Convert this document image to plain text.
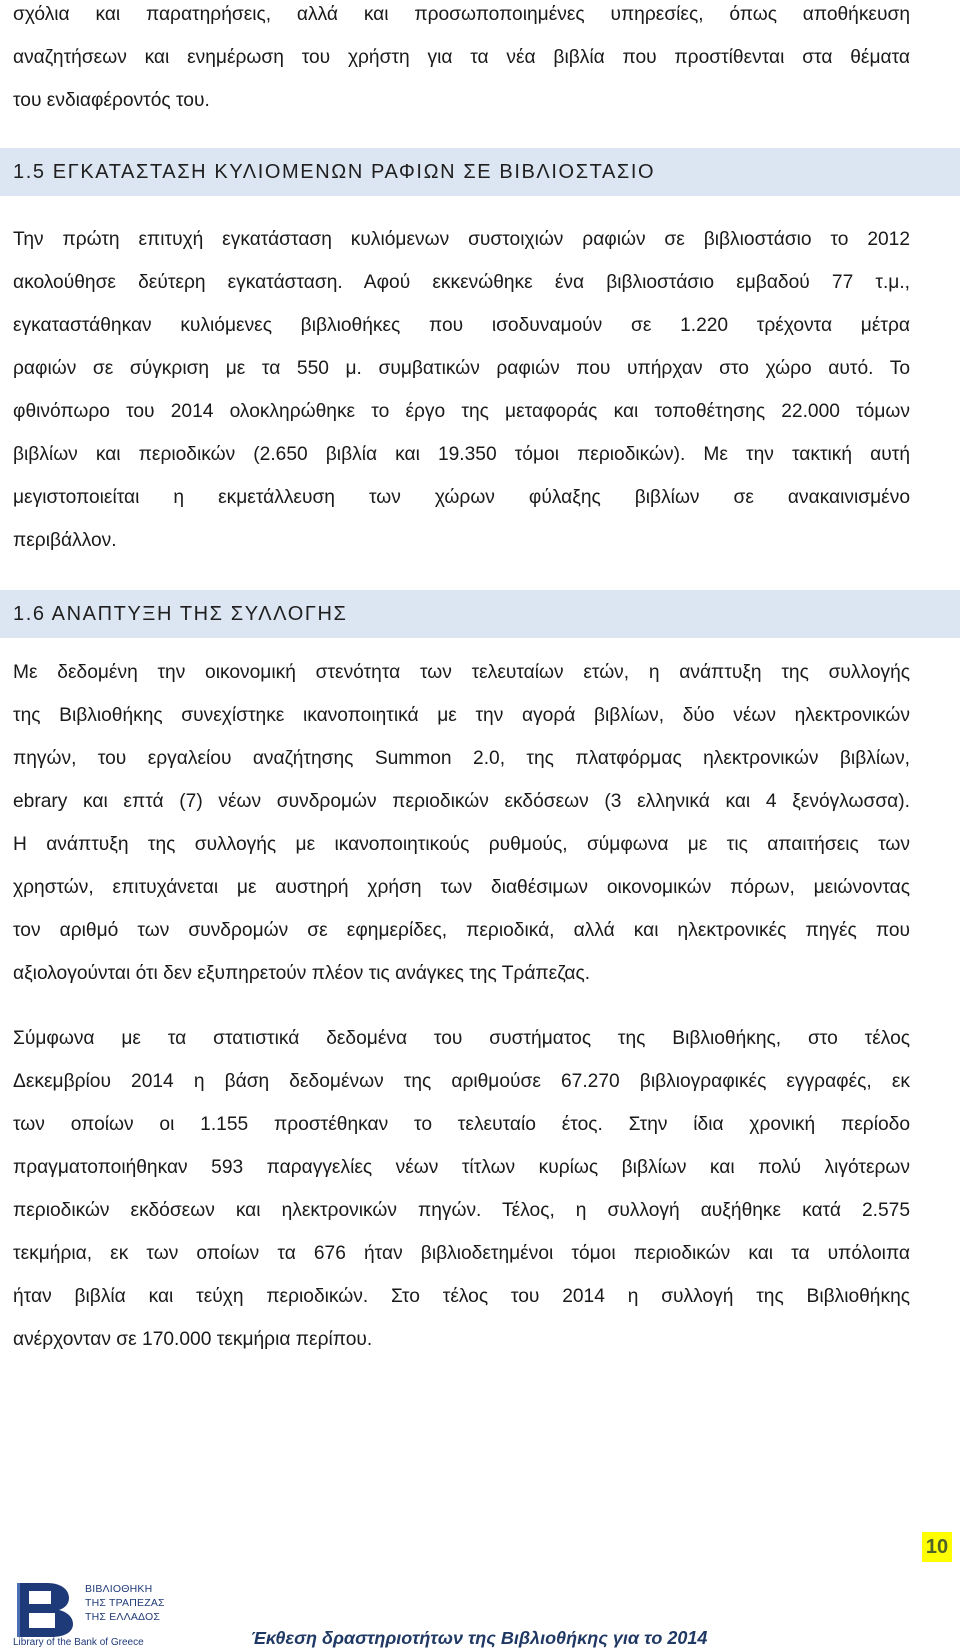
σχόλια και παρατηρήσεις, αλλά και προσωποποιημένες υπηρεσίες, όπως αποθήκευση
αναζητήσεων και ενημέρωση του χρήστη για τα νέα βιβλία που προστίθενται στα θέματα
του ενδιαφέροντός του.
1.5 ΕΓΚΑΤΑΣΤΑΣΗ ΚΥΛΙΟΜΕΝΩΝ ΡΑΦΙΩΝ ΣΕ ΒΙΒΛΙΟΣΤΑΣΙΟ
Την πρώτη επιτυχή εγκατάσταση κυλιόμενων συστοιχιών ραφιών σε βιβλιοστάσιο το 2012
ακολούθησε δεύτερη εγκατάσταση. Αφού εκκενώθηκε ένα βιβλιοστάσιο εμβαδού 77 τ.μ.,
εγκαταστάθηκαν κυλιόμενες βιβλιοθήκες που ισοδυναμούν σε 1.220 τρέχοντα μέτρα
ραφιών σε σύγκριση με τα 550 μ. συμβατικών ραφιών που υπήρχαν στο χώρο αυτό. Το
φθινόπωρο του 2014 ολοκληρώθηκε το έργο της μεταφοράς και τοποθέτησης 22.000 τόμων
βιβλίων και περιοδικών (2.650 βιβλία και 19.350 τόμοι περιοδικών). Με την τακτική αυτή
μεγιστοποιείται η εκμετάλλευση των χώρων φύλαξης βιβλίων σε ανακαινισμένο
περιβάλλον.
1.6 ΑΝΑΠΤΥΞΗ ΤΗΣ ΣΥΛΛΟΓΗΣ
Με δεδομένη την οικονομική στενότητα των τελευταίων ετών, η ανάπτυξη της συλλογής
της Βιβλιοθήκης συνεχίστηκε ικανοποιητικά με την αγορά βιβλίων, δύο νέων ηλεκτρονικών
πηγών, του εργαλείου αναζήτησης Summon 2.0, της πλατφόρμας ηλεκτρονικών βιβλίων,
ebrary και επτά (7) νέων συνδρομών περιοδικών εκδόσεων (3 ελληνικά και 4 ξενόγλωσσα).
Η ανάπτυξη της συλλογής με ικανοποιητικούς ρυθμούς, σύμφωνα με τις απαιτήσεις των
χρηστών, επιτυχάνεται με αυστηρή χρήση των διαθέσιμων οικονομικών πόρων, μειώνοντας
τον αριθμό των συνδρομών σε εφημερίδες, περιοδικά, αλλά και ηλεκτρονικές πηγές που
αξιολογούνται ότι δεν εξυπηρετούν πλέον τις ανάγκες της Τράπεζας.
Σύμφωνα με τα στατιστικά δεδομένα του συστήματος της Βιβλιοθήκης, στο τέλος
Δεκεμβρίου 2014 η βάση δεδομένων της αριθμούσε 67.270 βιβλιογραφικές εγγραφές, εκ
των οποίων οι 1.155 προστέθηκαν το τελευταίο έτος. Στην ίδια χρονική περίοδο
πραγματοποιήθηκαν 593 παραγγελίες νέων τίτλων κυρίως βιβλίων και πολύ λιγότερων
περιοδικών εκδόσεων και ηλεκτρονικών πηγών. Τέλος, η συλλογή αυξήθηκε κατά 2.575
τεκμήρια, εκ των οποίων τα 676 ήταν βιβλιοδετημένοι τόμοι περιοδικών και τα υπόλοιπα
ήταν βιβλία και τεύχη περιοδικών. Στο τέλος του 2014 η συλλογή της Βιβλιοθήκης
ανέρχονταν σε 170.000 τεκμήρια περίπου.
10
ΒΙΒΛΙΟΘΗΚΗ
ΤΗΣ ΤΡΑΠΕΖΑΣ
ΤΗΣ ΕΛΛΑΔΟΣ
Library of the Bank of Greece	Έκθεση δραστηριοτήτων της Βιβλιοθήκης για το 2014
